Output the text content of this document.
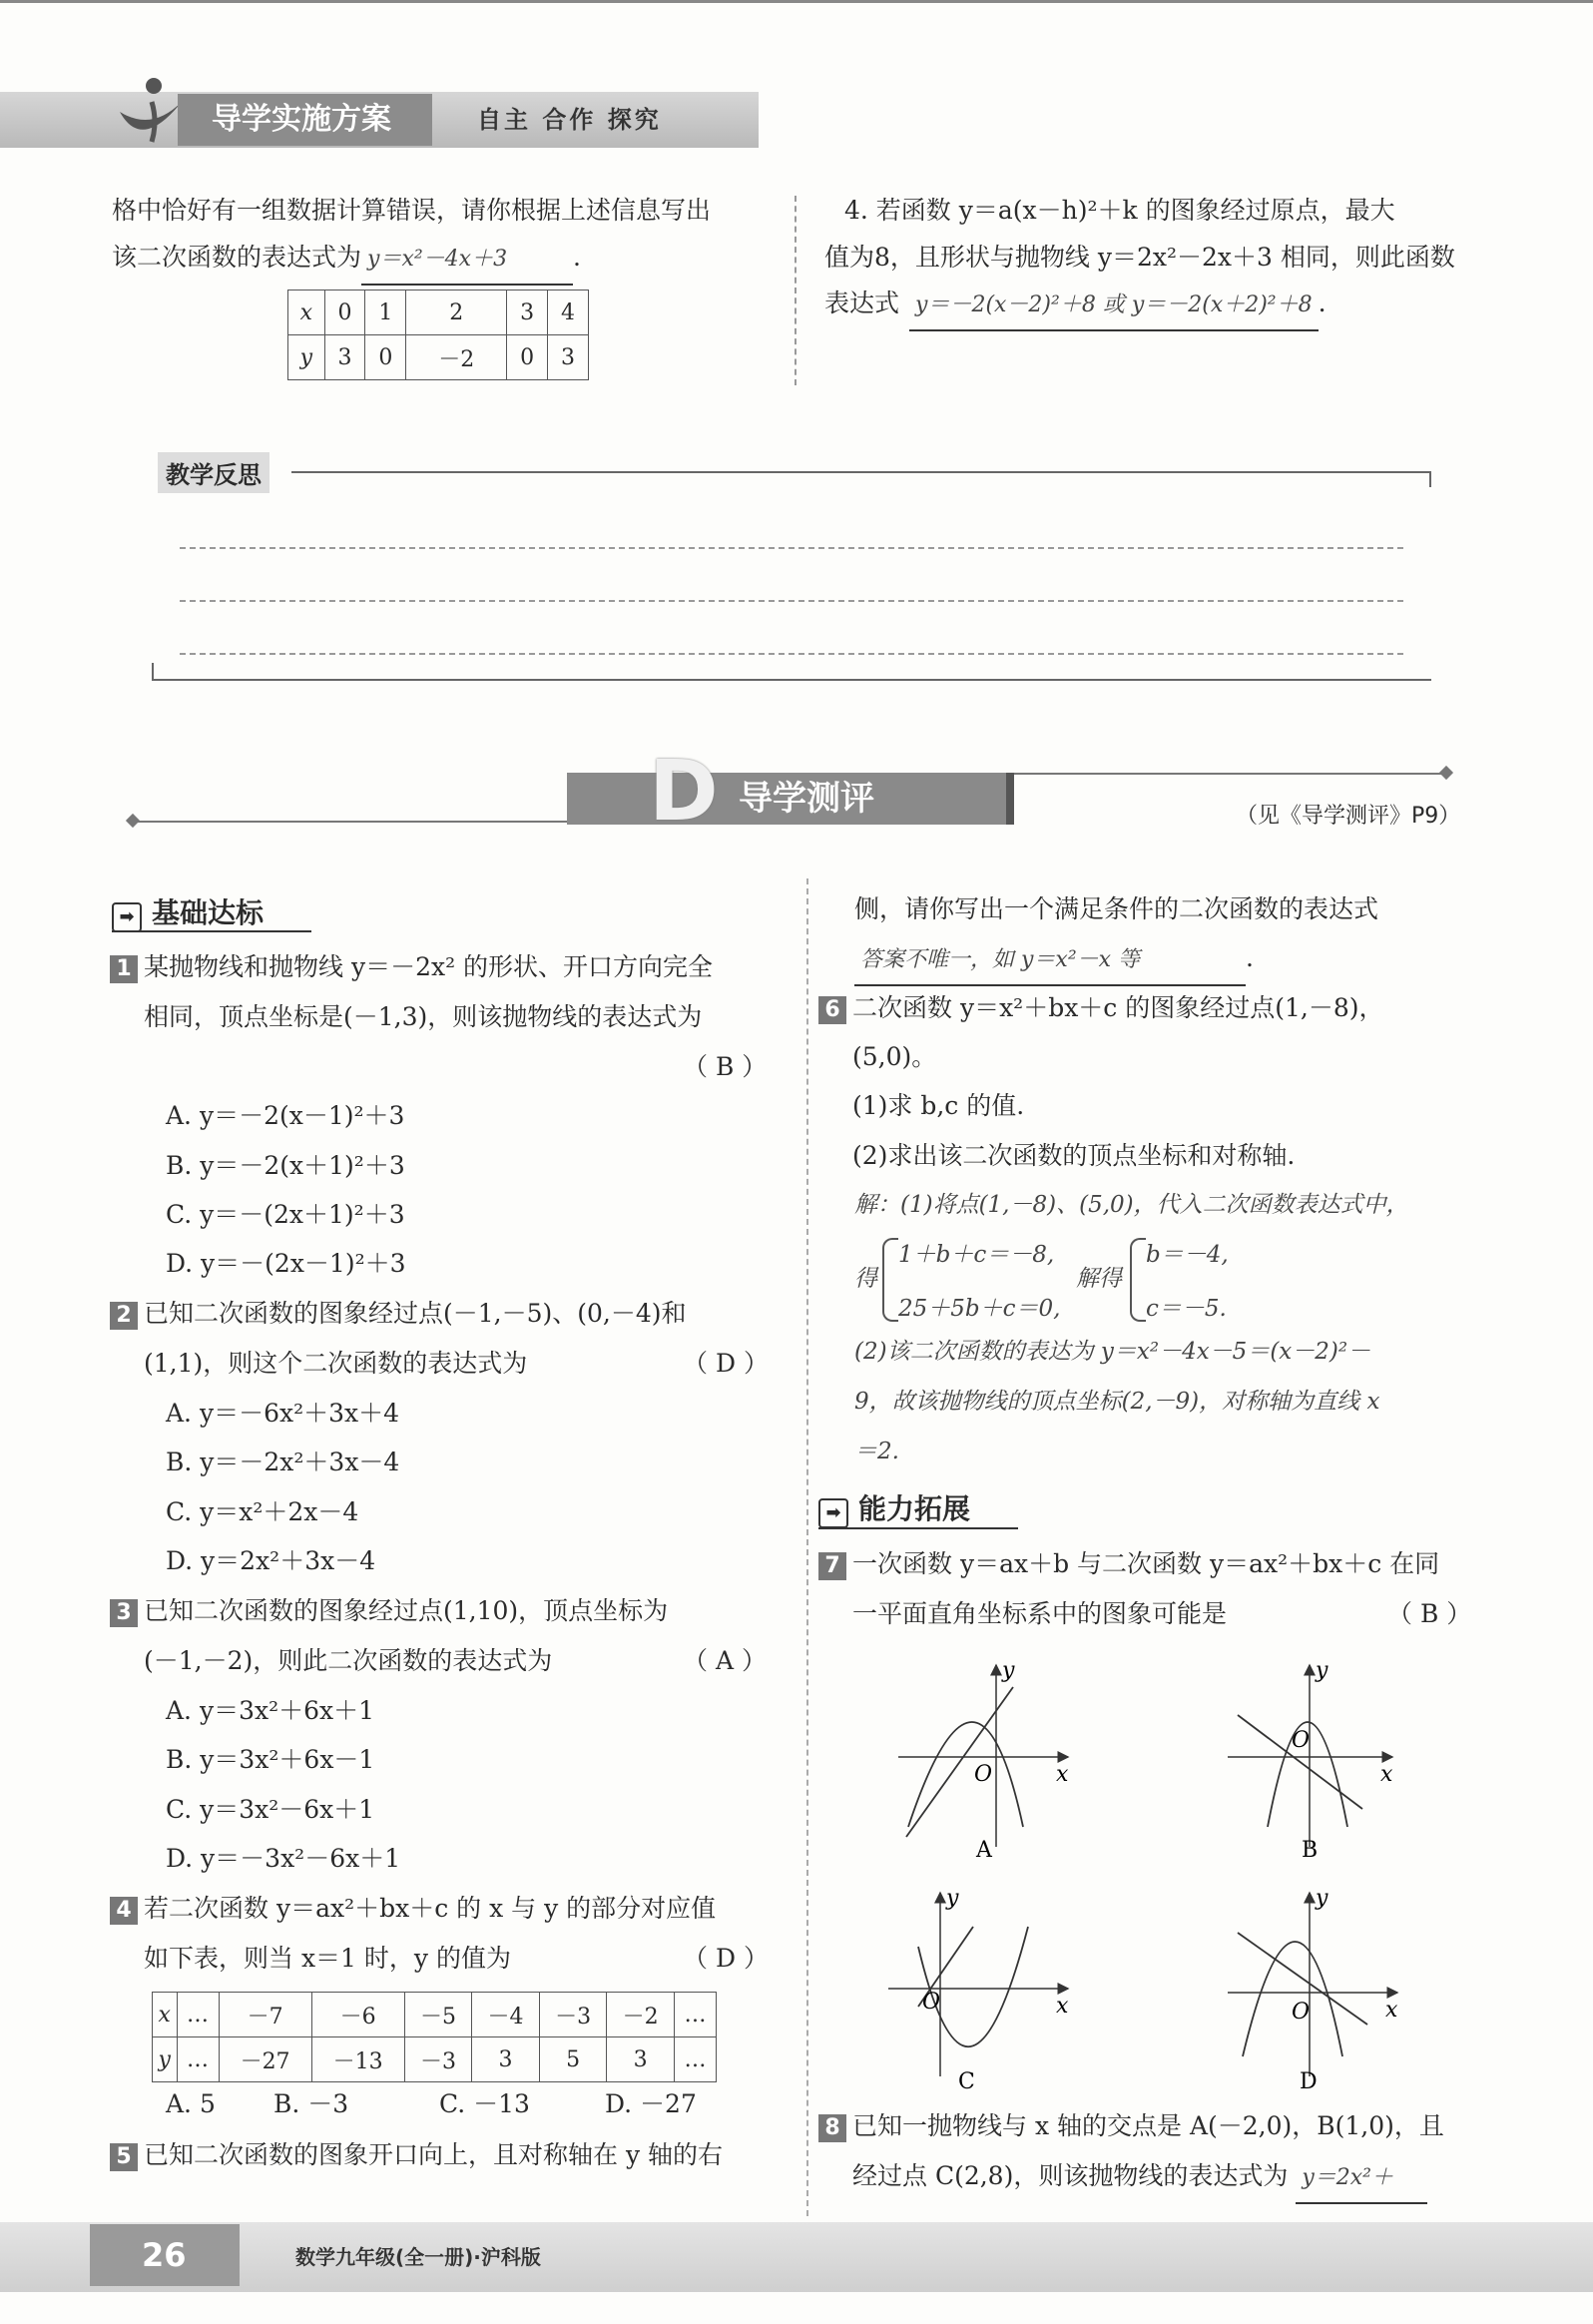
导学实施方案	自主 合作 探究
格中恰好有一组数据计算错误，请你根据上述信息写出
该二次函数的表达式为 y＝x²－4x＋3	.
x	0	1	2	3	4
y	3	0	－2	0	3
4. 若函数 y＝a(x－h)²＋k 的图象经过原点，最大
值为8，且形状与抛物线 y＝2x²－2x＋3 相同，则此函数
表达式 y＝－2(x－2)²＋8 或 y＝－2(x＋2)²＋8 .
教学反思
D 导学测评	（见《导学测评》P9）
➡ 基础达标
1 某抛物线和抛物线 y＝－2x² 的形状、开口方向完全
相同，顶点坐标是(－1,3)，则该抛物线的表达式为
（ B ）
A. y＝－2(x－1)²＋3
B. y＝－2(x＋1)²＋3
C. y＝－(2x＋1)²＋3
D. y＝－(2x－1)²＋3
2 已知二次函数的图象经过点(－1,－5)、(0,－4)和
(1,1)，则这个二次函数的表达式为	（ D ）
A. y＝－6x²＋3x＋4
B. y＝－2x²＋3x－4
C. y＝x²＋2x－4
D. y＝2x²＋3x－4
3 已知二次函数的图象经过点(1,10)，顶点坐标为
(－1,－2)，则此二次函数的表达式为	（ A ）
A. y＝3x²＋6x＋1
B. y＝3x²＋6x－1
C. y＝3x²－6x＋1
D. y＝－3x²－6x＋1
4 若二次函数 y＝ax²＋bx＋c 的 x 与 y 的部分对应值
如下表，则当 x＝1 时，y 的值为	（ D ）
x	…	－7	－6	－5	－4	－3	－2	…
y	…	－27	－13	－3	3	5	3	…
A. 5 B. －3	C. －13	D. －27
5 已知二次函数的图象开口向上，且对称轴在 y 轴的右
侧，请你写出一个满足条件的二次函数的表达式
答案不唯一，如 y＝x²－x 等	.
6 二次函数 y＝x²＋bx＋c 的图象经过点(1,－8)，
(5,0)。
(1)求 b,c 的值.
(2)求出该二次函数的顶点坐标和对称轴.
解：(1)将点(1,－8)、(5,0)，代入二次函数表达式中，
得
1＋b＋c＝－8,
25＋5b＋c＝0,
解得
b＝－4,
c＝－5.
(2)该二次函数的表达为 y＝x²－4x－5＝(x－2)²－
9，故该抛物线的顶点坐标(2,－9)，对称轴为直线 x
＝2.
➡ 能力拓展
7 一次函数 y＝ax＋b 与二次函数 y＝ax²＋bx＋c 在同
一平面直角坐标系中的图象可能是	（ B ）
x
y
O
A
x
y
O
B
x
y
O
C
x
y
O
D
8 已知一抛物线与 x 轴的交点是 A(－2,0)，B(1,0)，且
经过点 C(2,8)，则该抛物线的表达式为 y＝2x²＋
26	数学九年级(全一册)·沪科版
